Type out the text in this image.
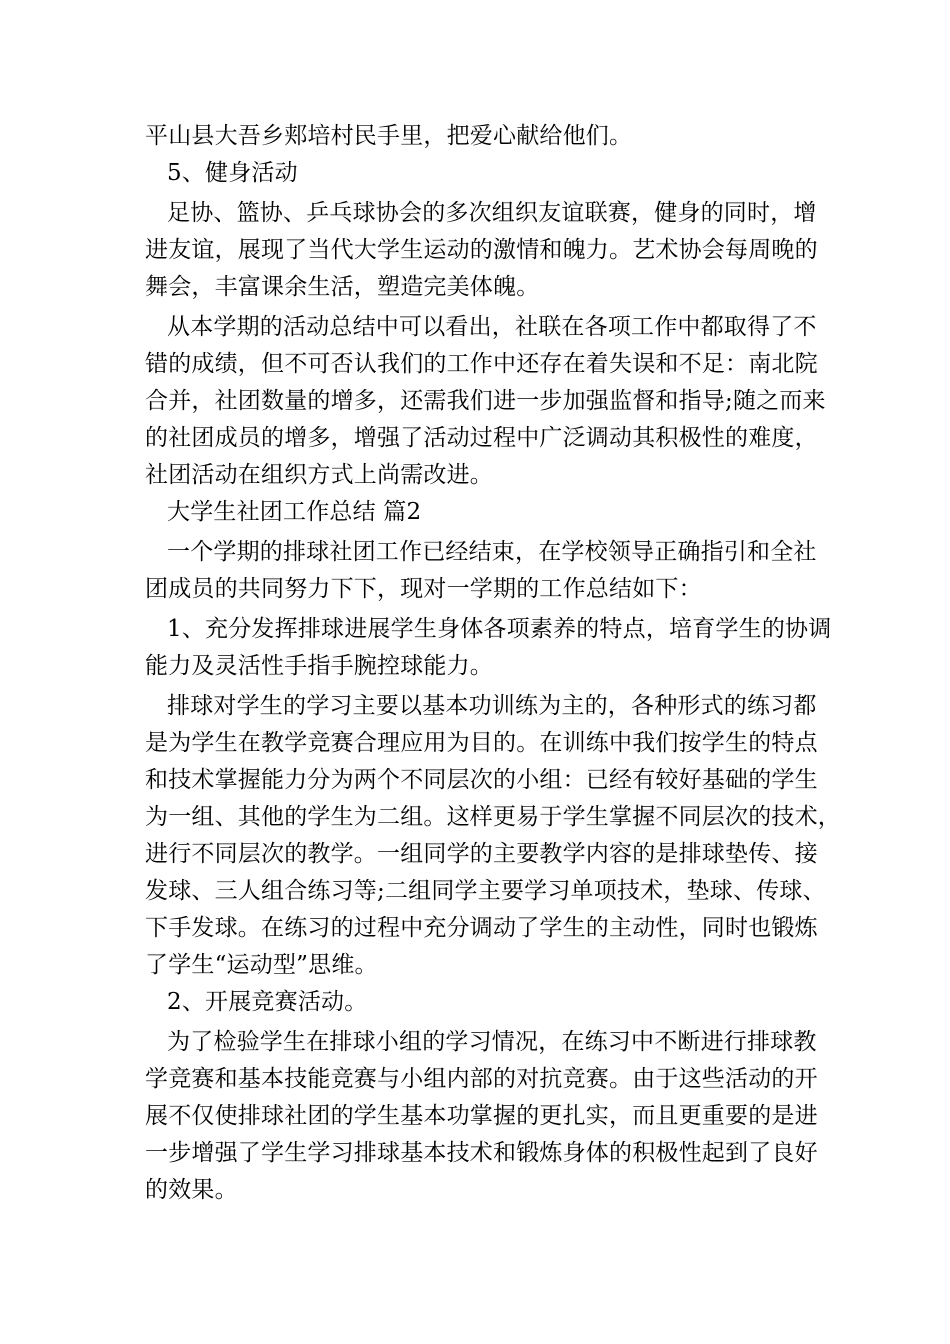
平山县大吾乡郏培村民手里，把爱心献给他们。
5、健身活动
足协、篮协、乒乓球协会的多次组织友谊联赛，健身的同时，增
进友谊，展现了当代大学生运动的激情和魄力。艺术协会每周晚的
舞会，丰富课余生活，塑造完美体魄。
从本学期的活动总结中可以看出，社联在各项工作中都取得了不
错的成绩，但不可否认我们的工作中还存在着失误和不足：南北院
合并，社团数量的增多，还需我们进一步加强监督和指导;随之而来
的社团成员的增多，增强了活动过程中广泛调动其积极性的难度，
社团活动在组织方式上尚需改进。
大学生社团工作总结 篇2
一个学期的排球社团工作已经结束，在学校领导正确指引和全社
团成员的共同努力下下，现对一学期的工作总结如下：
1、充分发挥排球进展学生身体各项素养的特点，培育学生的协调
能力及灵活性手指手腕控球能力。
排球对学生的学习主要以基本功训练为主的，各种形式的练习都
是为学生在教学竞赛合理应用为目的。在训练中我们按学生的特点
和技术掌握能力分为两个不同层次的小组：已经有较好基础的学生
为一组、其他的学生为二组。这样更易于学生掌握不同层次的技术，
进行不同层次的教学。一组同学的主要教学内容的是排球垫传、接
发球、三人组合练习等;二组同学主要学习单项技术，垫球、传球、
下手发球。在练习的过程中充分调动了学生的主动性，同时也锻炼
了学生“运动型”思维。
2、开展竞赛活动。
为了检验学生在排球小组的学习情况，在练习中不断进行排球教
学竞赛和基本技能竞赛与小组内部的对抗竞赛。由于这些活动的开
展不仅使排球社团的学生基本功掌握的更扎实，而且更重要的是进
一步增强了学生学习排球基本技术和锻炼身体的积极性起到了良好
的效果。
